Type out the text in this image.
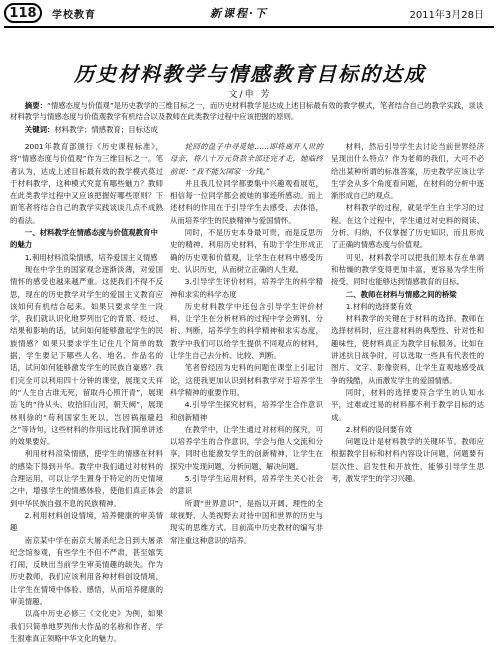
118	学校教育	新课程·下	2011年3月28日
历史材料教学与情感教育目标的达成
文/申 芳
摘要：“情感态度与价值观”是历史教学的三维目标之一，而历史材料教学是达成上述目标最有效的教学模式，笔者结合自己的教学实践，谈谈材料教学与情感态度与价值观教学有机结合以及教师在此类教学过程中应该把握的原则。
关键词：材料教学；情感教育；目标达成

2001年教育部颁行《历史课程标准》，将“情感态度与价值观”作为三维目标之一。笔者认为，达成上述目标最有效的教学模式莫过于材料教学，这种模式究竟有哪些魅力？教师在此类教学过程中又应该把握好哪些原则？下面笔者将结合自己的教学实践谈谈几点不成熟的看法。

一、材料教学在情感态度与价值观教育中的魅力

1.利用材料渲染情感，培养爱国主义情感

现在中学生的国家观念逐渐淡薄，对爱国情怀的感受也越来越严重。这使我们不得不反思，现在的历史教学对学生的爱国主义教育应该如何有机结合起来。如果只要求学生一段学，我们就认识化地罗列出它的背景、经过、结果和影响的话，试问如何能够激起学生的民族情感？如果只要求学生记住几个简单的数据，学生要记下哪些人名、地名、作品名的话，试问如何能够激发学生的民族自豪感？我们完全可以利用四十分钟的课堂，展现文天祥的“人生自古谁无死，留取丹心照汗青”，展现岳飞的“待从头、收拾旧山河，朝天阙”，展现林则徐的“苟利国家生死以，岂因祸福避趋之”等诗句，这些材料的作用远比我们简单讲述的效果要好。

利用材料渲染情感，使学生的情感在材料的感染下得到升华。教学中我们通过对材料的合理运用，可以让学生置身于特定的历史情境之中，增强学生的情感体验，使他们真正体会到中华民族自强不息的民族精神。

2.利用材料创设情境，培养健康的审美情趣

南京某中学在南京大屠杀纪念日到大屠杀纪念馆参观，有些学生不但不严肃，甚至嬉笑打闹，反映出当前学生审美情趣的缺失。作为历史教师，我们应该利用各种材料创设情境，让学生在情境中体验、感悟，从而培养健康的审美情趣。

以高中历史必修三《文化史》为例，如果我们只简单地罗列伟大作品的名称和作者，学生很难真正领略中华文化的魅力。

轮回的盘子中寻觅她……即将离开人世的母亲，将八十万元贷款全部还完才走，她临终前说：“我不能欠国家一分钱。”

并且我几位同学都要集中兴趣观看展览，相信每一位同学都会被她的事迹所感动。而上述材料的作用在于引导学生去感受、去体悟，从而培养学生的民族精神与爱国情怀。

同时，不是历史本身最可贵，而是反思历史的精神。利用历史材料，有助于学生形成正确的历史观和价值观，让学生在材料中感受历史、认识历史，从而树立正确的人生观。

3.引导学生评价材料，培养学生的科学精神和求实的科学态度

历史材料教学中还包含引导学生评价材料，让学生在分析材料的过程中学会辨别、分析、判断，培养学生的科学精神和求实态度，教学中我们可以给学生提供不同观点的材料，让学生自己去分析、比较、判断。

笔者曾经因为史料的问题在课堂上引起讨论，这使我更加认识到材料教学对于培养学生科学精神的重要作用。

4.引导学生探究材料，培养学生合作意识和创新精神

在教学中，让学生通过对材料的探究，可以培养学生的合作意识，学会与他人交流和分享，同时也能激发学生的创新精神，让学生在探究中发现问题、分析问题、解决问题。

5.引导学生运用材料，培养学生关心社会的意识

所谓“世界意识”，是指以开阔、理性的全球视野、人类视野去对待中国和世界的历史与现实的思维方式。目前高中历史教材的编写非常注重这种意识的培养。

材料，然后引导学生去讨论当前世界经济呈现出什么特点？作为老师的我们，大可不必给出某种所谓的标准答案，历史教学应该让学生学会从多个角度看问题，在材料的分析中逐渐形成自己的观点。

材料教学的过程，就是学生自主学习的过程。在这个过程中，学生通过对史料的阅读、分析、归纳，不仅掌握了历史知识，而且形成了正确的情感态度与价值观。

可见，材料教学可以把我们原本存在单调和枯燥的教学变得更加丰富，更容易为学生所接受，同时也能够达到情感教育的目标。

二、教师在材料与情感之间的桥梁

1.材料的选择要有效

材料教学的关键在于材料的选择。教师在选择材料时，应注意材料的典型性、针对性和趣味性，使材料真正为教学目标服务。比如在讲述抗日战争时，可以选取一些具有代表性的图片、文字、影像资料，让学生直观地感受战争的残酷，从而激发学生的爱国情感。

同时，材料的选择要符合学生的认知水平，过难或过易的材料都不利于教学目标的达成。

2.材料的设问要有效

问题设计是材料教学的关键环节。教师应根据教学目标和材料内容设计问题，问题要有层次性、启发性和开放性，能够引导学生思考，激发学生的学习兴趣。
